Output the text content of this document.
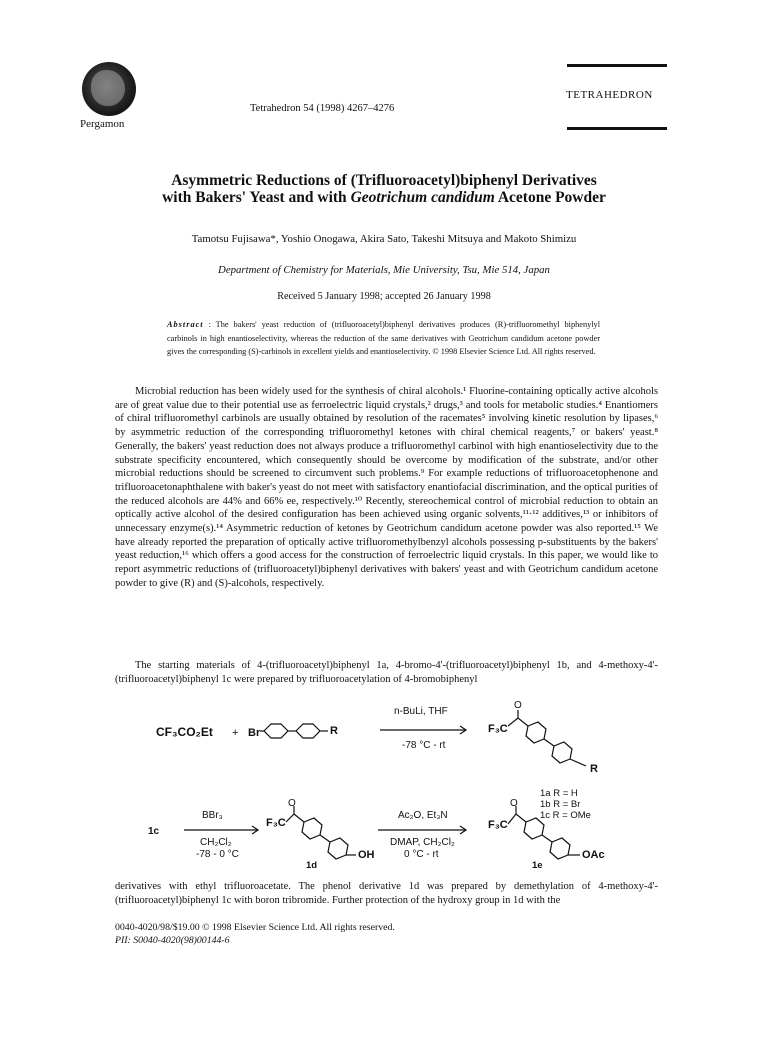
Pergamon
Tetrahedron 54 (1998) 4267–4276
TETRAHEDRON
Asymmetric Reductions of (Trifluoroacetyl)biphenyl Derivatives
with Bakers' Yeast and with Geotrichum candidum Acetone Powder
Tamotsu Fujisawa*, Yoshio Onogawa, Akira Sato, Takeshi Mitsuya and Makoto Shimizu
Department of Chemistry for Materials, Mie University, Tsu, Mie 514, Japan
Received 5 January 1998; accepted 26 January 1998
Abstract : The bakers' yeast reduction of (trifluoroacetyl)biphenyl derivatives produces (R)-trifluoromethyl biphenylyl carbinols in high enantioselectivity, whereas the reduction of the same derivatives with Geotrichum candidum acetone powder gives the corresponding (S)-carbinols in excellent yields and enantioselectivity. © 1998 Elsevier Science Ltd. All rights reserved.
Microbial reduction has been widely used for the synthesis of chiral alcohols.¹ Fluorine-containing optically active alcohols are of great value due to their potential use as ferroelectric liquid crystals,² drugs,³ and tools for metabolic studies.⁴ Enantiomers of chiral trifluoromethyl carbinols are usually obtained by resolution of the racemates⁵ involving kinetic resolution by lipases,⁶ by asymmetric reduction of the corresponding trifluoromethyl ketones with chiral chemical reagents,⁷ or bakers' yeast.⁸ Generally, the bakers' yeast reduction does not always produce a trifluoromethyl carbinol with high enantioselectivity due to the substrate specificity encountered, which consequently should be overcome by modification of the substrate, and/or other microbial reductions should be screened to circumvent such problems.⁹ For example reductions of trifluoroacetophenone and trifluoroacetonaphthalene with baker's yeast do not meet with satisfactory enantiofacial discrimination, and the optical purities of the reduced alcohols are 44% and 66% ee, respectively.¹⁰ Recently, stereochemical control of microbial reduction to obtain an optically active alcohol of the desired configuration has been achieved using organic solvents,¹¹·¹² additives,¹³ or inhibitors of unnecessary enzyme(s).¹⁴ Asymmetric reduction of ketones by Geotrichum candidum acetone powder was also reported.¹⁵ We have already reported the preparation of optically active trifluoromethylbenzyl alcohols possessing p-substituents by the bakers' yeast reduction,¹⁶ which offers a good access for the construction of ferroelectric liquid crystals. In this paper, we would like to report asymmetric reductions of (trifluoroacetyl)biphenyl derivatives with bakers' yeast and with Geotrichum candidum acetone powder to give (R) and (S)-alcohols, respectively.
The starting materials of 4-(trifluoroacetyl)biphenyl 1a, 4-bromo-4'-(trifluoroacetyl)biphenyl 1b, and 4-methoxy-4'-(trifluoroacetyl)biphenyl 1c were prepared by trifluoroacetylation of 4-bromobiphenyl
CF₃CO₂Et + Br	R
n-BuLi, THF
-78 °C - rt
F₃C
O
R
1a R = H
1b R = Br
1c R = OMe
1c
BBr₃
CH₂Cl₂
-78 - 0 °C
F₃C
O
OH
1d
Ac₂O, Et₃N
DMAP, CH₂Cl₂
0 °C - rt
F₃C
O
OAc
1e
derivatives with ethyl trifluoroacetate. The phenol derivative 1d was prepared by demethylation of 4-methoxy-4'-(trifluoroacetyl)biphenyl 1c with boron tribromide. Further protection of the hydroxy group in 1d with the
0040-4020/98/$19.00 © 1998 Elsevier Science Ltd. All rights reserved.
PII: S0040-4020(98)00144-6
